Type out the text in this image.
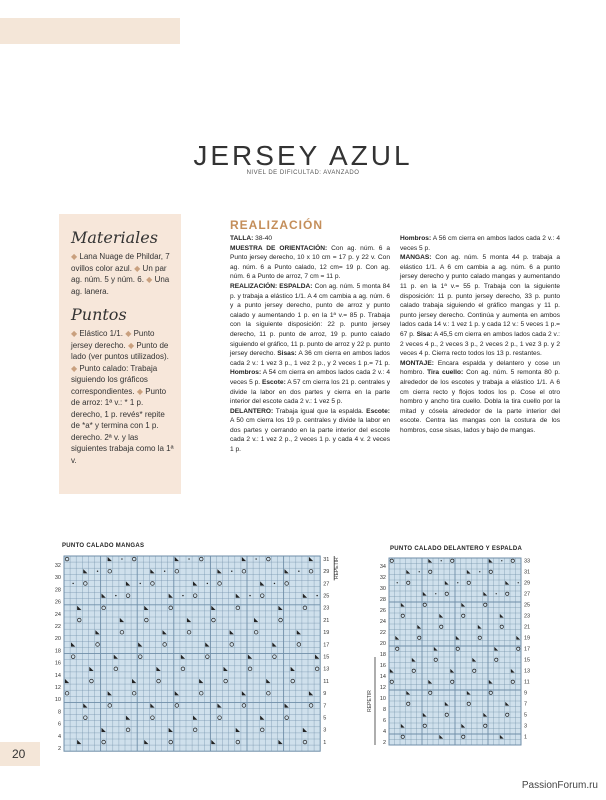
JERSEY AZUL
NIVEL DE DIFICULTAD: AVANZADO
Materiales
◆ Lana Nuage de Phildar, 7 ovillos color azul. ◆ Un par ag. núm. 5 y núm. 6. ◆ Una ag. lanera.
Puntos
◆ Elástico 1/1. ◆ Punto jersey derecho. ◆ Punto de lado (ver puntos utilizados). ◆ Punto calado: Trabaja siguiendo los gráficos correspondientes. ◆ Punto de arroz: 1ª v.: * 1 p. derecho, 1 p. revés* repite de *a* y termina con 1 p. derecho. 2ª v. y las siguientes trabaja como la 1ª v.
REALIZACIÓN
TALLA: 38-40
MUESTRA DE ORIENTACIÓN: Con ag. núm. 6 a Punto jersey derecho, 10 x 10 cm = 17 p. y 22 v. Con ag. núm. 6 a Punto calado, 12 cm= 19 p. Con ag. núm. 6 a Punto de arroz, 7 cm = 11 p.
REALIZACIÓN: ESPALDA: Con ag. núm. 5 monta 84 p. y trabaja a elástico 1/1. A 4 cm cambia a ag. núm. 6 y a punto jersey derecho, punto de arroz y punto calado y aumentando 1 p. en la 1ª v.= 85 p. Trabaja con la siguiente disposición: 22 p. punto jersey derecho, 11 p. punto de arroz, 19 p. punto calado siguiendo el gráfico, 11 p. punto de arroz y 22 p. punto jersey derecho. Sisas: A 36 cm cierra en ambos lados cada 2 v.: 1 vez 3 p., 1 vez 2 p., y 2 veces 1 p.= 71 p. Hombros: A 54 cm cierra en ambos lados cada 2 v.: 4 veces 5 p. Escote: A 57 cm cierra los 21 p. centrales y divide la labor en dos partes y cierra en la parte interior del escote cada 2 v.: 1 vez 5 p.
DELANTERO: Trabaja igual que la espalda. Escote: A 50 cm cierra los 19 p. centrales y divide la labor en dos partes y cerrando en la parte interior del escote cada 2 v.: 1 vez 2 p., 2 veces 1 p. y cada 4 v. 2 veces 1 p.
Hombros: A 56 cm cierra en ambos lados cada 2 v.: 4 veces 5 p.
MANGAS: Con ag. núm. 5 monta 44 p. trabaja a elástico 1/1. A 6 cm cambia a ag. núm. 6 a punto jersey derecho y punto calado mangas y aumentando 11 p. en la 1ª v.= 55 p. Trabaja con la siguiente disposición: 11 p. punto jersey derecho, 33 p. punto calado trabaja siguiendo el gráfico mangas y 11 p. punto jersey derecho. Continúa y aumenta en ambos lados cada 14 v.: 1 vez 1 p. y cada 12 v.: 5 veces 1 p.= 67 p. Sisa: A 45,5 cm cierra en ambos lados cada 2 v.: 2 veces 4 p., 2 veces 3 p., 2 veces 2 p., 1 vez 3 p. y 2 veces 4 p. Cierra recto todos los 13 p. restantes.
MONTAJE: Encara espalda y delantero y cose un hombro. Tira cuello: Con ag. núm. 5 remonta 80 p. alrededor de los escotes y trabaja a elástico 1/1. A 6 cm cierra recto y flojos todos los p. Cose el otro hombro y ancho tira cuello. Dobla la tira cuello por la mitad y cósela alrededor de la parte interior del escote. Centra las mangas con la costura de los hombros, cose sisas, lados y bajo de mangas.
PUNTO CALADO MANGAS	PUNTO CALADO DELANTERO Y ESPALDA
32
30
28
26
24
22
20
18
16
14
12
10
8
6
4
2
31
29
27
25
23
21
19
17
15
13
11
9
7
5
3
1
REPETIR	34
32
30
28
26
24
22
20
18
16
14
12
10
8
6
4
2
33
31
29
27
25
23
21
19
17
15
13
11
9
7
5
3
1
REPETIR
20
PassionForum.ru
